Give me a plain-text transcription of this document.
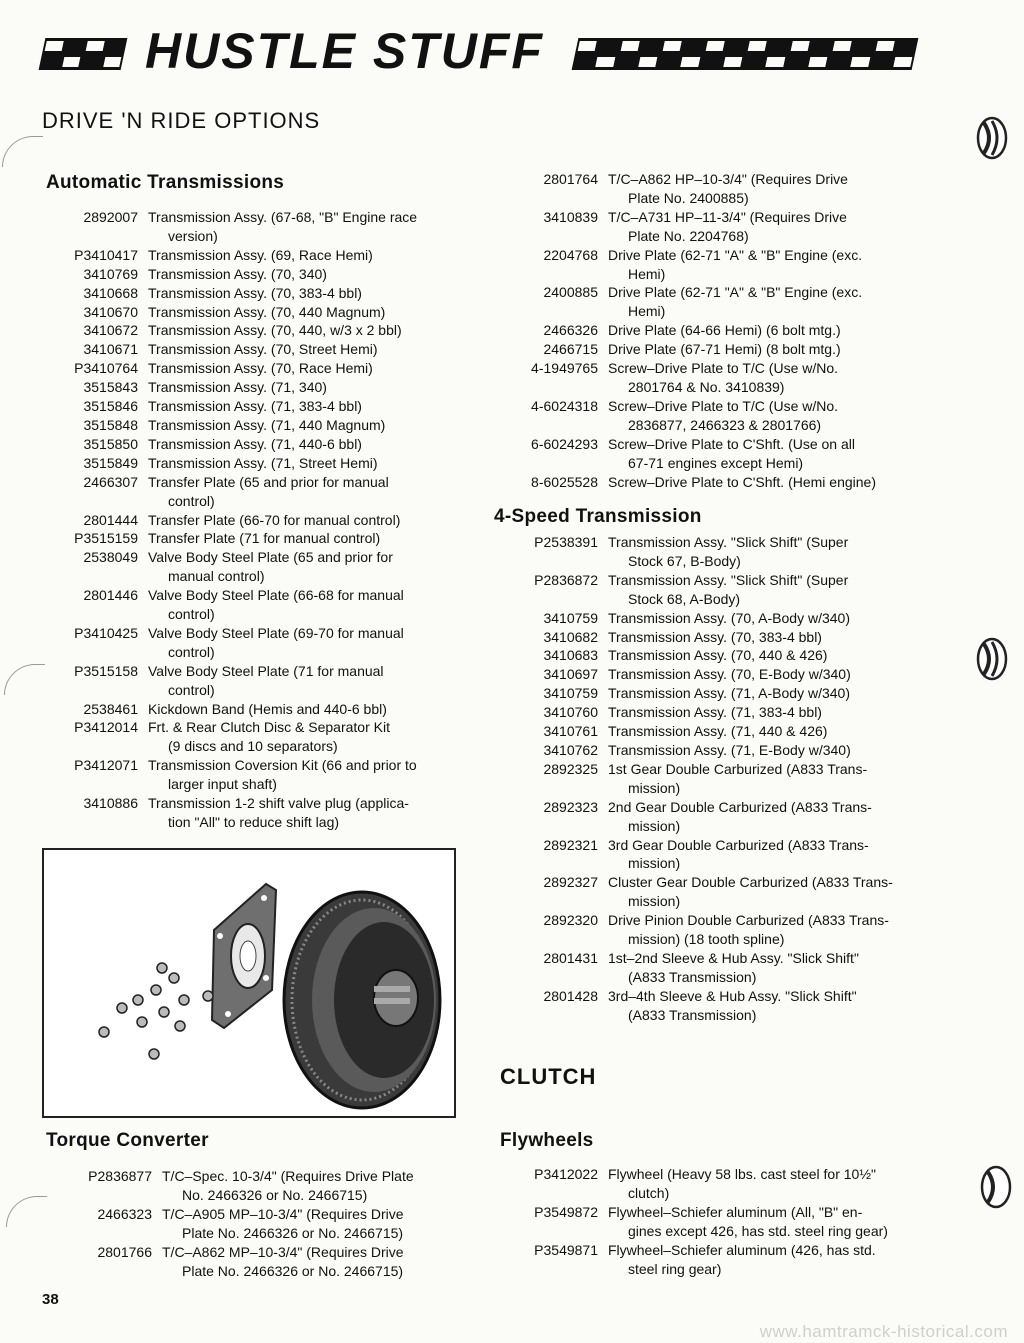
HUSTLE STUFF
DRIVE 'N RIDE OPTIONS
Automatic Transmissions
2892007 Transmission Assy. (67-68, "B" Engine race
version)
P3410417 Transmission Assy. (69, Race Hemi)
3410769 Transmission Assy. (70, 340)
3410668 Transmission Assy. (70, 383-4 bbl)
3410670 Transmission Assy. (70, 440 Magnum)
3410672 Transmission Assy. (70, 440, w/3 x 2 bbl)
3410671 Transmission Assy. (70, Street Hemi)
P3410764 Transmission Assy. (70, Race Hemi)
3515843 Transmission Assy. (71, 340)
3515846 Transmission Assy. (71, 383-4 bbl)
3515848 Transmission Assy. (71, 440 Magnum)
3515850 Transmission Assy. (71, 440-6 bbl)
3515849 Transmission Assy. (71, Street Hemi)
2466307 Transfer Plate (65 and prior for manual
control)
2801444 Transfer Plate (66-70 for manual control)
P3515159 Transfer Plate (71 for manual control)
2538049 Valve Body Steel Plate (65 and prior for
manual control)
2801446 Valve Body Steel Plate (66-68 for manual
control)
P3410425 Valve Body Steel Plate (69-70 for manual
control)
P3515158 Valve Body Steel Plate (71 for manual
control)
2538461 Kickdown Band (Hemis and 440-6 bbl)
P3412014 Frt. & Rear Clutch Disc & Separator Kit
(9 discs and 10 separators)
P3412071 Transmission Coversion Kit (66 and prior to
larger input shaft)
3410886 Transmission 1-2 shift valve plug (applica-
tion "All" to reduce shift lag)
Torque Converter
P2836877 T/C–Spec. 10-3/4" (Requires Drive Plate
No. 2466326 or No. 2466715)
2466323 T/C–A905 MP–10-3/4" (Requires Drive
Plate No. 2466326 or No. 2466715)
2801766 T/C–A862 MP–10-3/4" (Requires Drive
Plate No. 2466326 or No. 2466715)
2801764 T/C–A862 HP–10-3/4" (Requires Drive
Plate No. 2400885)
3410839 T/C–A731 HP–11-3/4" (Requires Drive
Plate No. 2204768)
2204768 Drive Plate (62-71 "A" & "B" Engine (exc.
Hemi)
2400885 Drive Plate (62-71 "A" & "B" Engine (exc.
Hemi)
2466326 Drive Plate (64-66 Hemi) (6 bolt mtg.)
2466715 Drive Plate (67-71 Hemi) (8 bolt mtg.)
4-1949765 Screw–Drive Plate to T/C (Use w/No.
2801764 & No. 3410839)
4-6024318 Screw–Drive Plate to T/C (Use w/No.
2836877, 2466323 & 2801766)
6-6024293 Screw–Drive Plate to C'Shft. (Use on all
67-71 engines except Hemi)
8-6025528 Screw–Drive Plate to C'Shft. (Hemi engine)
4-Speed Transmission
P2538391 Transmission Assy. "Slick Shift" (Super
Stock 67, B-Body)
P2836872 Transmission Assy. "Slick Shift" (Super
Stock 68, A-Body)
3410759 Transmission Assy. (70, A-Body w/340)
3410682 Transmission Assy. (70, 383-4 bbl)
3410683 Transmission Assy. (70, 440 & 426)
3410697 Transmission Assy. (70, E-Body w/340)
3410759 Transmission Assy. (71, A-Body w/340)
3410760 Transmission Assy. (71, 383-4 bbl)
3410761 Transmission Assy. (71, 440 & 426)
3410762 Transmission Assy. (71, E-Body w/340)
2892325 1st Gear Double Carburized (A833 Trans-
mission)
2892323 2nd Gear Double Carburized (A833 Trans-
mission)
2892321 3rd Gear Double Carburized (A833 Trans-
mission)
2892327 Cluster Gear Double Carburized (A833 Trans-
mission)
2892320 Drive Pinion Double Carburized (A833 Trans-
mission) (18 tooth spline)
2801431 1st–2nd Sleeve & Hub Assy. "Slick Shift"
(A833 Transmission)
2801428 3rd–4th Sleeve & Hub Assy. "Slick Shift"
(A833 Transmission)
CLUTCH
Flywheels
P3412022 Flywheel (Heavy 58 lbs. cast steel for 10½"
clutch)
P3549872 Flywheel–Schiefer aluminum (All, "B" en-
gines except 426, has std. steel ring gear)
P3549871 Flywheel–Schiefer aluminum (426, has std.
steel ring gear)
38
www.hamtramck-historical.com
